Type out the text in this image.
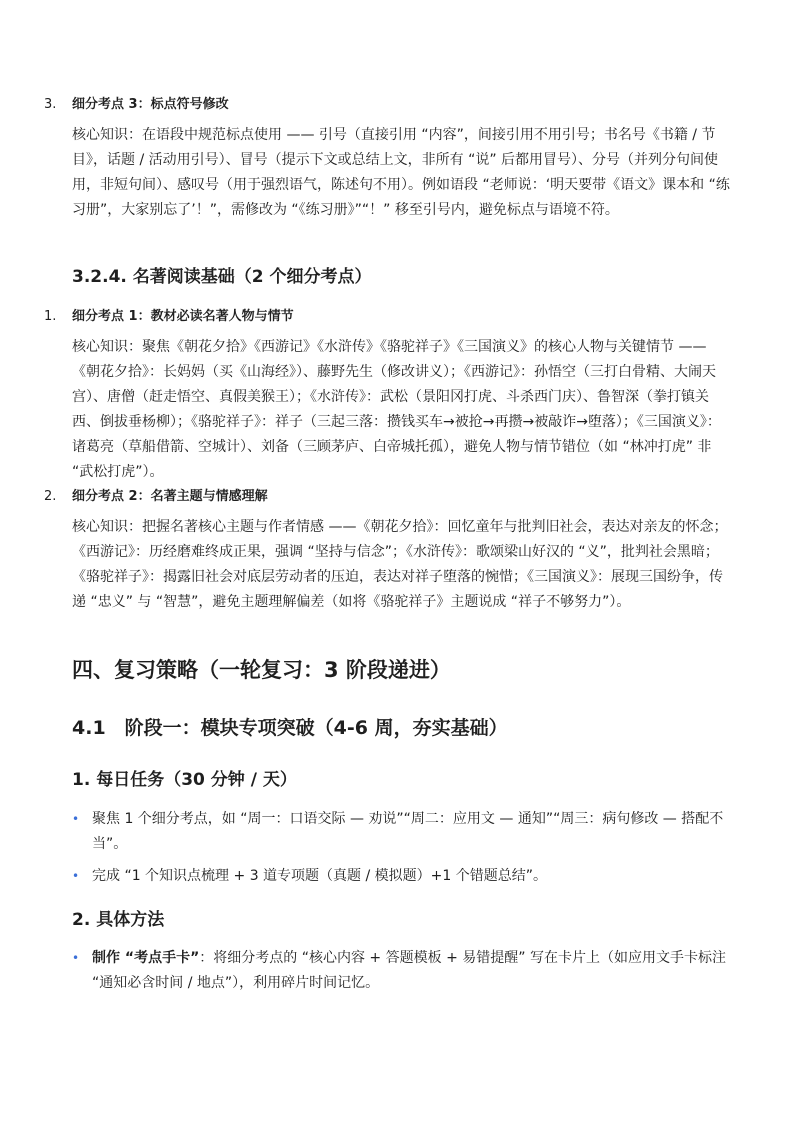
3. 细分考点 3：标点符号修改
核心知识：在语段中规范标点使用 —— 引号（直接引用 “内容”，间接引用不用引号；书名号《书籍 / 节目》，话题 / 活动用引号）、冒号（提示下文或总结上文，非所有 “说” 后都用冒号）、分号（并列分句间使用，非短句间）、感叹号（用于强烈语气，陈述句不用）。例如语段 “老师说：‘明天要带《语文》课本和 “练习册”，大家别忘了’！”，需修改为 “《练习册》”“！” 移至引号内，避免标点与语境不符。
3.2.4. 名著阅读基础（2 个细分考点）
1. 细分考点 1：教材必读名著人物与情节
核心知识：聚焦《朝花夕拾》《西游记》《水浒传》《骆驼祥子》《三国演义》的核心人物与关键情节 ——《朝花夕拾》：长妈妈（买《山海经》）、藤野先生（修改讲义）；《西游记》：孙悟空（三打白骨精、大闹天宫）、唐僧（赶走悟空、真假美猴王）；《水浒传》：武松（景阳冈打虎、斗杀西门庆）、鲁智深（拳打镇关西、倒拔垂杨柳）；《骆驼祥子》：祥子（三起三落：攒钱买车→被抢→再攒→被敲诈→堕落）；《三国演义》：诸葛亮（草船借箭、空城计）、刘备（三顾茅庐、白帝城托孤），避免人物与情节错位（如 “林冲打虎” 非 “武松打虎”）。
2. 细分考点 2：名著主题与情感理解
核心知识：把握名著核心主题与作者情感 ——《朝花夕拾》：回忆童年与批判旧社会，表达对亲友的怀念；《西游记》：历经磨难终成正果，强调 “坚持与信念”；《水浒传》：歌颂梁山好汉的 “义”，批判社会黑暗；《骆驼祥子》：揭露旧社会对底层劳动者的压迫，表达对祥子堕落的惋惜；《三国演义》：展现三国纷争，传递 “忠义” 与 “智慧”，避免主题理解偏差（如将《骆驼祥子》主题说成 “祥子不够努力”）。
四、复习策略（一轮复习：3 阶段递进）
4.1　阶段一：模块专项突破（4-6 周，夯实基础）
1. 每日任务（30 分钟 / 天）
• 聚焦 1 个细分考点，如 “周一：口语交际 — 劝说”“周二：应用文 — 通知”“周三：病句修改 — 搭配不当”。
• 完成 “1 个知识点梳理 + 3 道专项题（真题 / 模拟题）+1 个错题总结”。
2. 具体方法
• 制作 “考点手卡”：将细分考点的 “核心内容 + 答题模板 + 易错提醒” 写在卡片上（如应用文手卡标注 “通知必含时间 / 地点”），利用碎片时间记忆。
